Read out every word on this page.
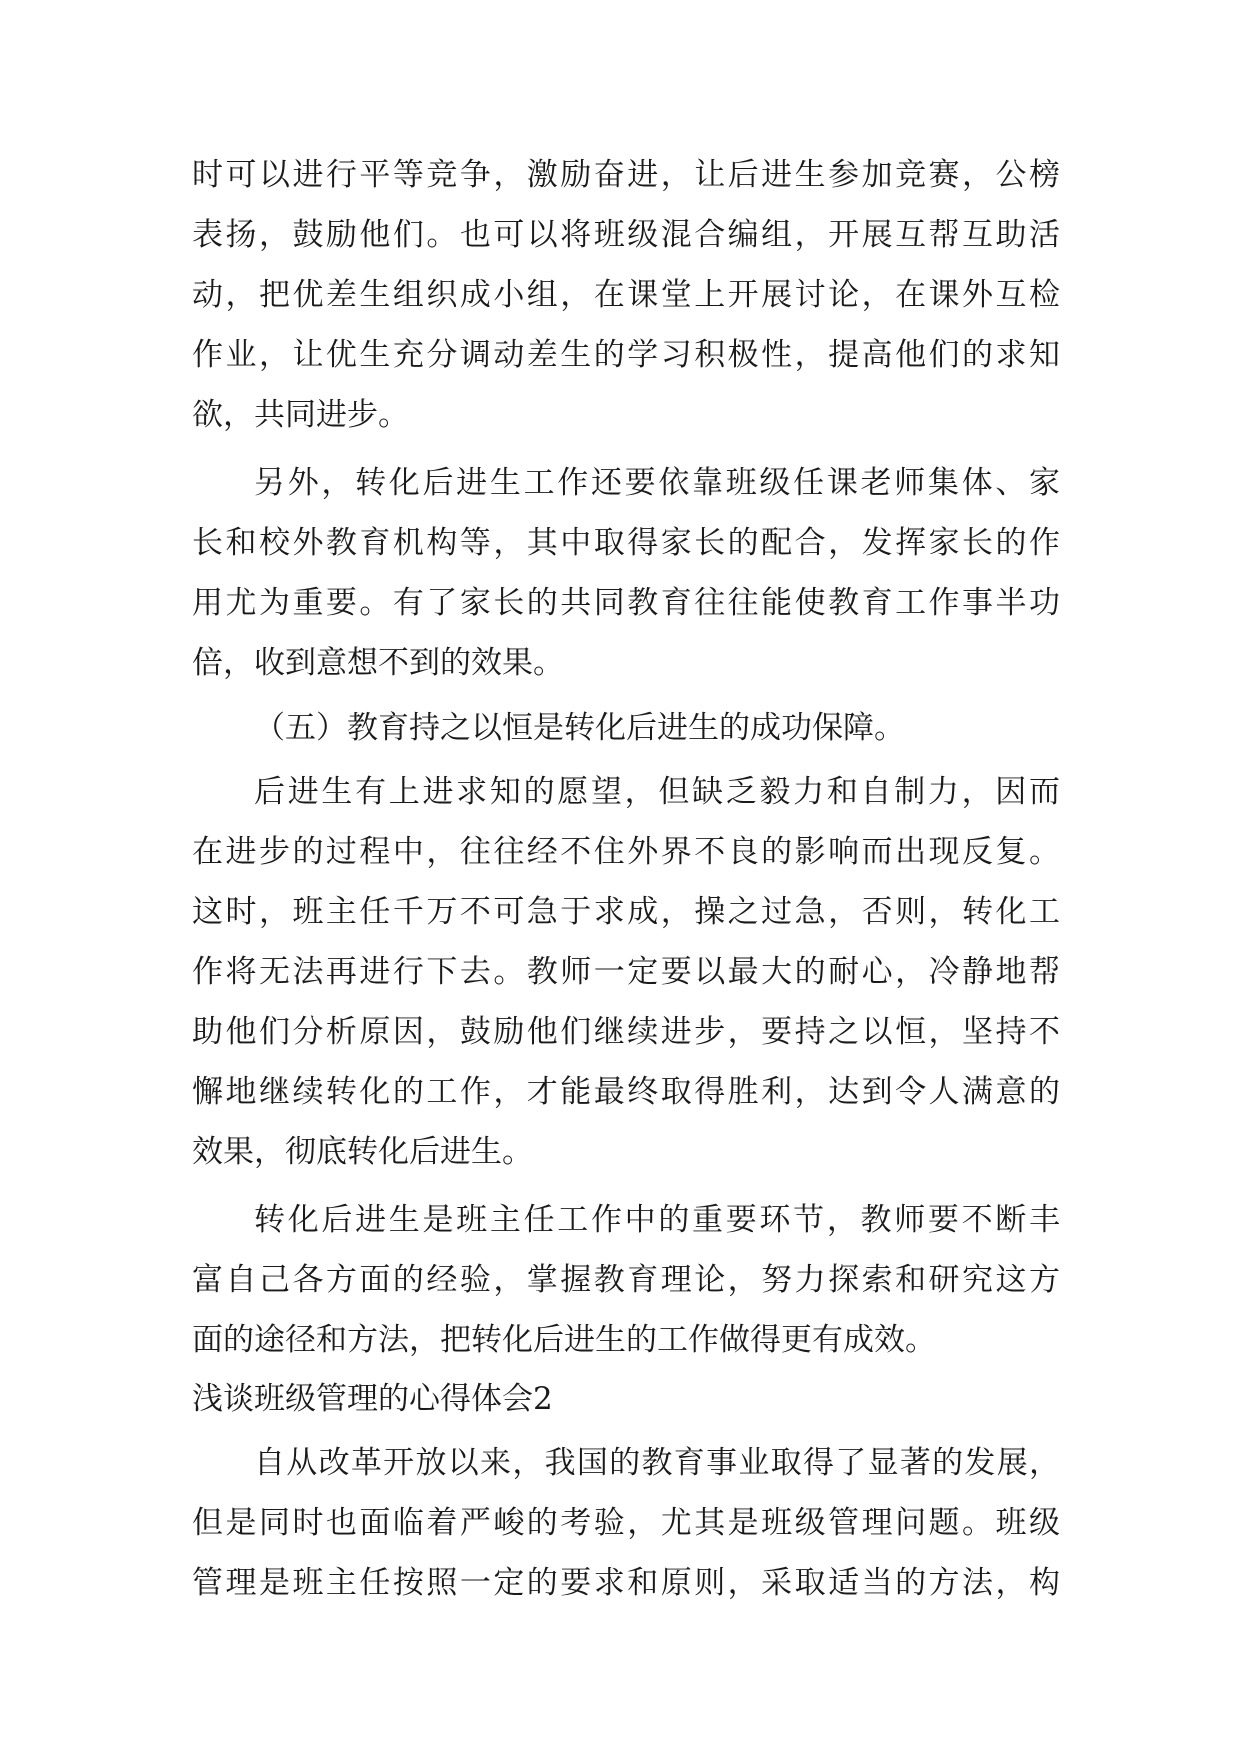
时可以进行平等竞争，激励奋进，让后进生参加竞赛，公榜
表扬，鼓励他们。也可以将班级混合编组，开展互帮互助活
动，把优差生组织成小组，在课堂上开展讨论，在课外互检
作业，让优生充分调动差生的学习积极性，提高他们的求知
欲，共同进步。
另外，转化后进生工作还要依靠班级任课老师集体、家
长和校外教育机构等，其中取得家长的配合，发挥家长的作
用尤为重要。有了家长的共同教育往往能使教育工作事半功
倍，收到意想不到的效果。
（五）教育持之以恒是转化后进生的成功保障。
后进生有上进求知的愿望，但缺乏毅力和自制力，因而
在进步的过程中，往往经不住外界不良的影响而出现反复。
这时，班主任千万不可急于求成，操之过急，否则，转化工
作将无法再进行下去。教师一定要以最大的耐心，冷静地帮
助他们分析原因，鼓励他们继续进步，要持之以恒，坚持不
懈地继续转化的工作，才能最终取得胜利，达到令人满意的
效果，彻底转化后进生。
转化后进生是班主任工作中的重要环节，教师要不断丰
富自己各方面的经验，掌握教育理论，努力探索和研究这方
面的途径和方法，把转化后进生的工作做得更有成效。
浅谈班级管理的心得体会2
自从改革开放以来，我国的教育事业取得了显著的发展，
但是同时也面临着严峻的考验，尤其是班级管理问题。班级
管理是班主任按照一定的要求和原则，采取适当的方法，构
